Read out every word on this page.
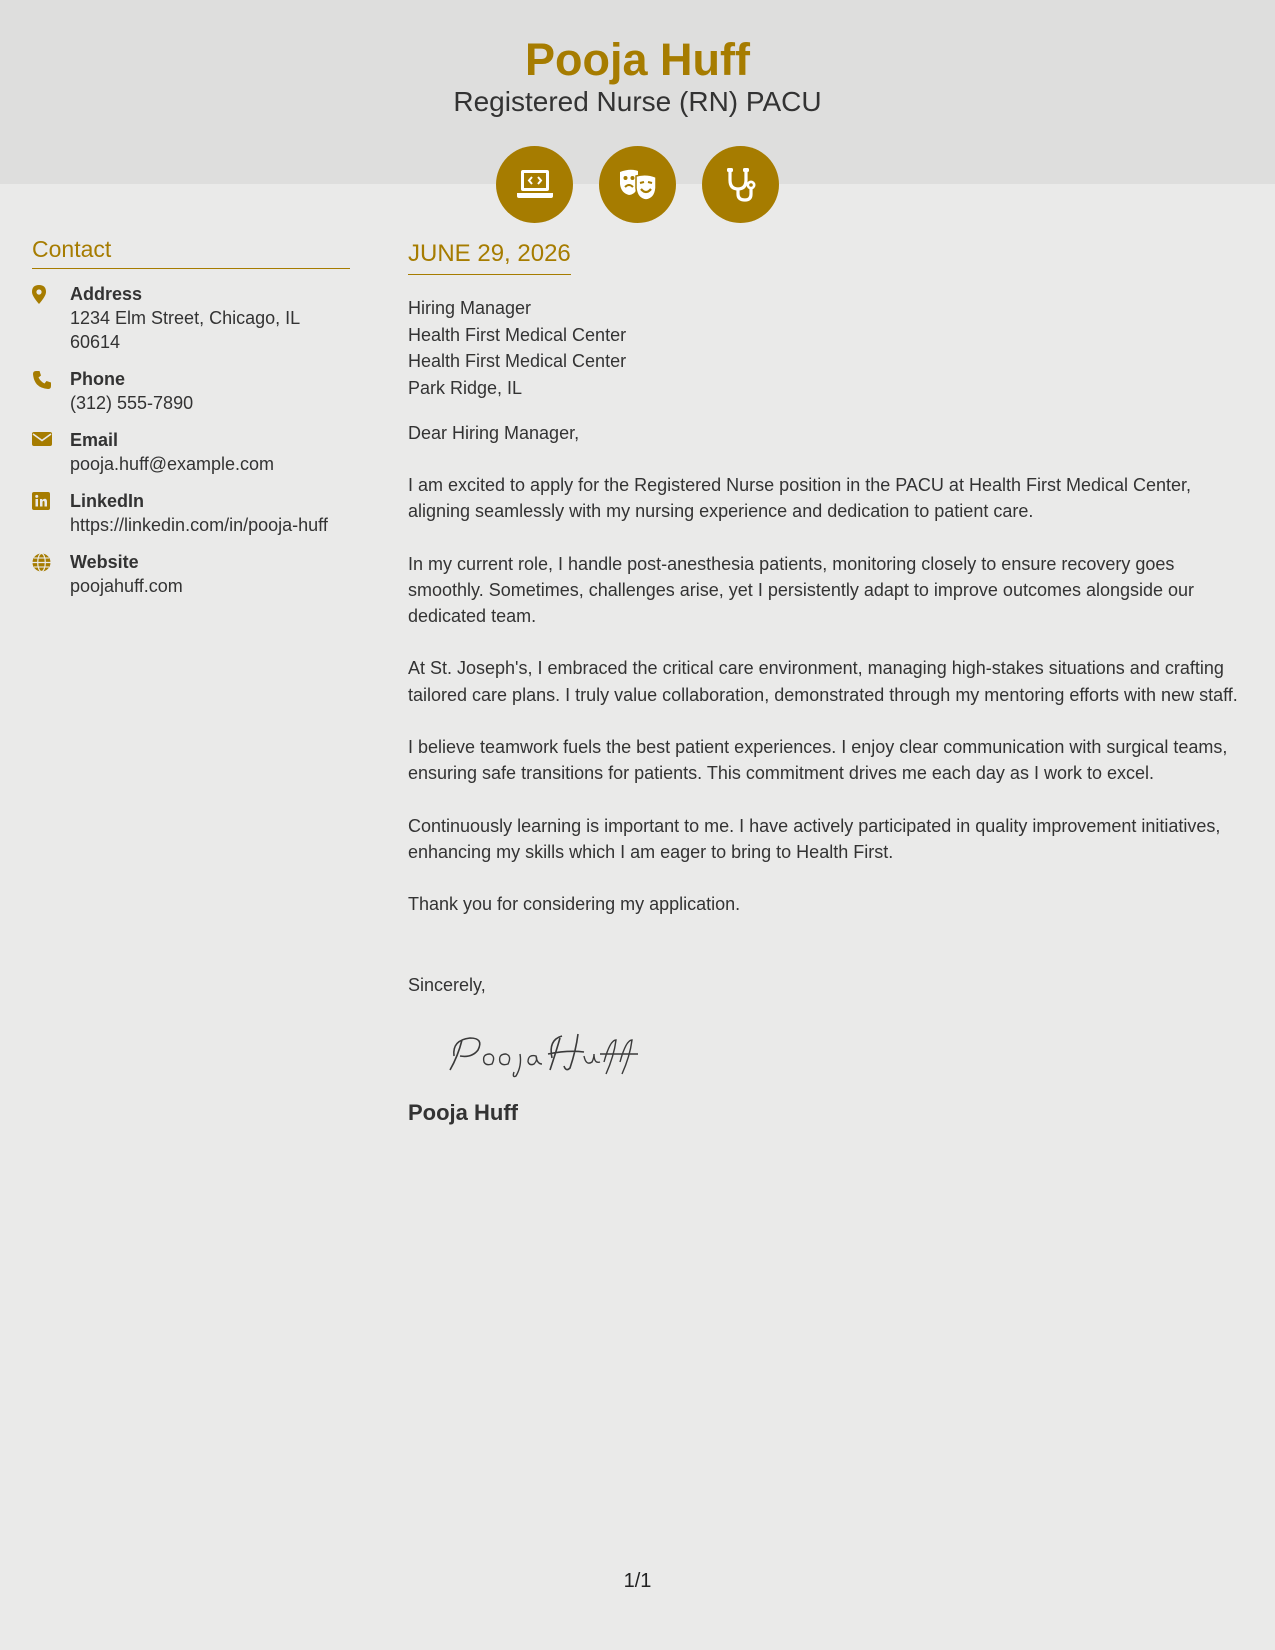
Pooja Huff
Registered Nurse (RN) PACU
Contact
Address
1234 Elm Street, Chicago, IL 60614
Phone
(312) 555-7890
Email
pooja.huff@example.com
LinkedIn
https://linkedin.com/in/pooja-huff
Website
poojahuff.com
JUNE 29, 2026
Hiring Manager
Health First Medical Center
Health First Medical Center
Park Ridge, IL
Dear Hiring Manager,
I am excited to apply for the Registered Nurse position in the PACU at Health First Medical Center, aligning seamlessly with my nursing experience and dedication to patient care.
In my current role, I handle post-anesthesia patients, monitoring closely to ensure recovery goes smoothly. Sometimes, challenges arise, yet I persistently adapt to improve outcomes alongside our dedicated team.
At St. Joseph's, I embraced the critical care environment, managing high-stakes situations and crafting tailored care plans. I truly value collaboration, demonstrated through my mentoring efforts with new staff.
I believe teamwork fuels the best patient experiences. I enjoy clear communication with surgical teams, ensuring safe transitions for patients. This commitment drives me each day as I work to excel.
Continuously learning is important to me. I have actively participated in quality improvement initiatives, enhancing my skills which I am eager to bring to Health First.
Thank you for considering my application.
Sincerely,
Pooja Huff
1/1
